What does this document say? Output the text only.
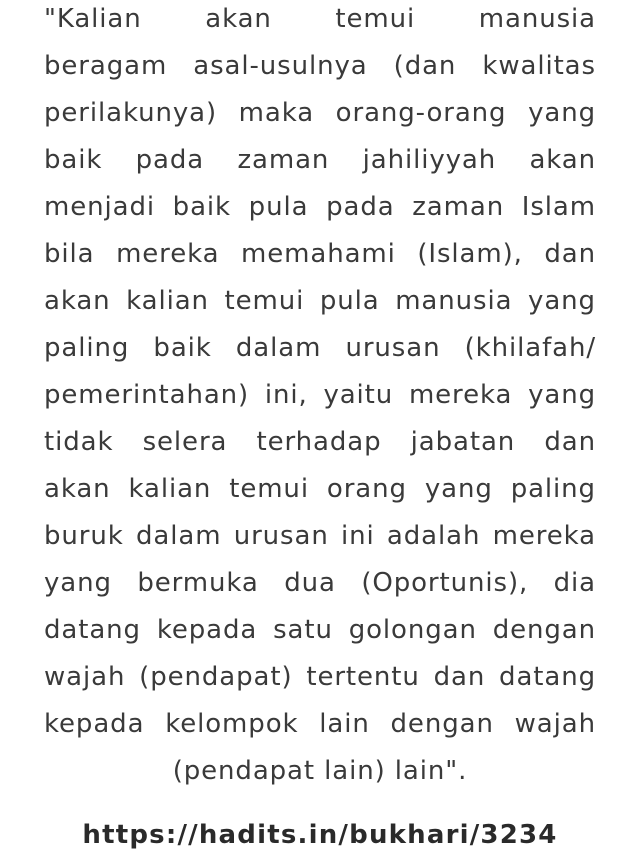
"Kalian akan temui manusia
beragam asal-usulnya (dan kwalitas
perilakunya) maka orang-orang yang
baik pada zaman jahiliyyah akan
menjadi baik pula pada zaman Islam
bila mereka memahami (Islam), dan
akan kalian temui pula manusia yang
paling baik dalam urusan (khilafah/
pemerintahan) ini, yaitu mereka yang
tidak selera terhadap jabatan dan
akan kalian temui orang yang paling
buruk dalam urusan ini adalah mereka
yang bermuka dua (Oportunis), dia
datang kepada satu golongan dengan
wajah (pendapat) tertentu dan datang
kepada kelompok lain dengan wajah
(pendapat lain) lain".
https://hadits.in/bukhari/3234
